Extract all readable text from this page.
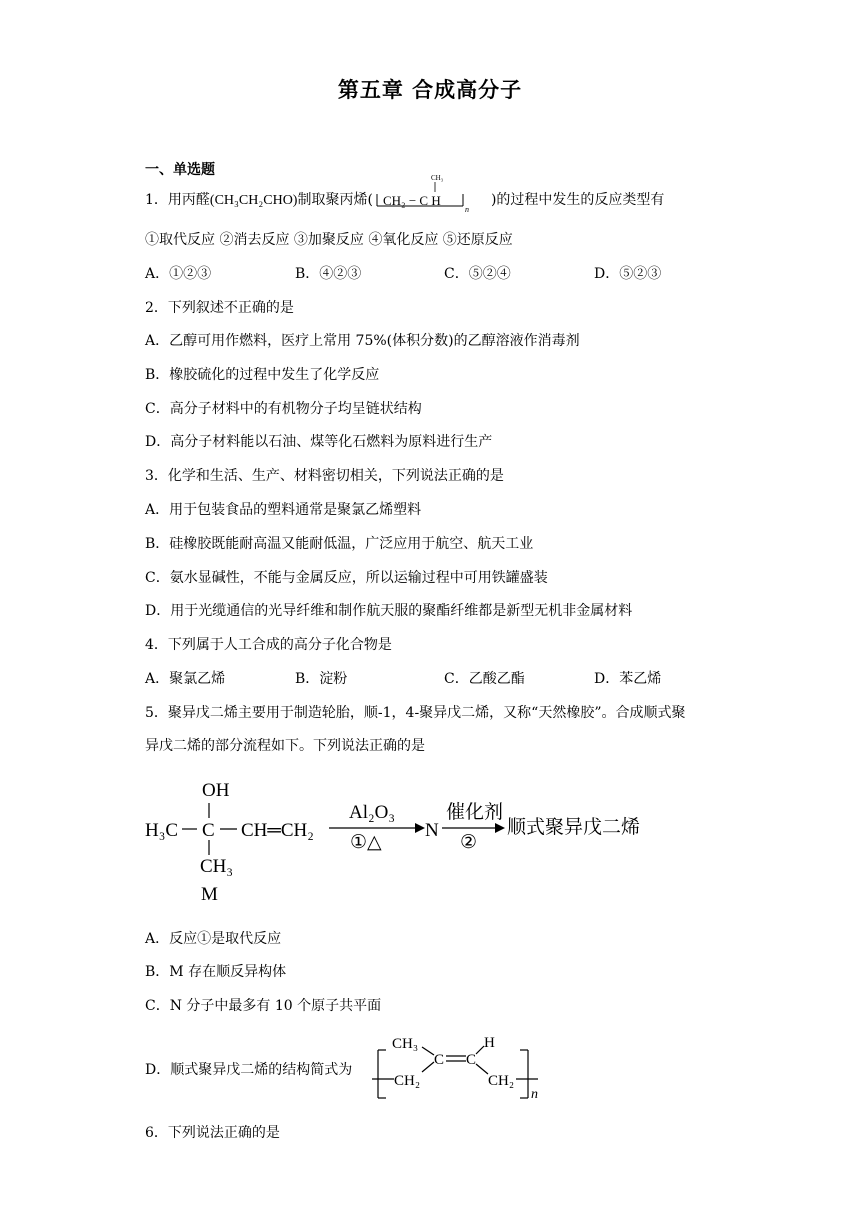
第五章 合成高分子
一、单选题
1．用丙醛(CH₃CH₂CHO)制取聚丙烯(
CH₃
CH₂ − C H
n
)的过程中发生的反应类型有
①取代反应 ②消去反应 ③加聚反应 ④氧化反应 ⑤还原反应
A．①②③	B．④②③	C．⑤②④	D．⑤②③
2．下列叙述不正确的是
A．乙醇可用作燃料，医疗上常用 75%(体积分数)的乙醇溶液作消毒剂
B．橡胶硫化的过程中发生了化学反应
C．高分子材料中的有机物分子均呈链状结构
D．高分子材料能以石油、煤等化石燃料为原料进行生产
3．化学和生活、生产、材料密切相关，下列说法正确的是
A．用于包装食品的塑料通常是聚氯乙烯塑料
B．硅橡胶既能耐高温又能耐低温，广泛应用于航空、航天工业
C．氨水显碱性，不能与金属反应，所以运输过程中可用铁罐盛装
D．用于光缆通信的光导纤维和制作航天服的聚酯纤维都是新型无机非金属材料
4．下列属于人工合成的高分子化合物是
A．聚氯乙烯	B．淀粉	C．乙酸乙酯	D．苯乙烯
5．聚异戊二烯主要用于制造轮胎，顺-1，4-聚异戊二烯，又称“天然橡胶”。合成顺式聚
异戊二烯的部分流程如下。下列说法正确的是
OH
H₃C C CH═CH₂
CH₃
M
Al₂O₃
①△
N
催化剂
②
顺式聚异戊二烯
A．反应①是取代反应
B．M 存在顺反异构体
C．N 分子中最多有 10 个原子共平面
D．顺式聚异戊二烯的结构简式为
CH₂
CH₃
C C
H
CH₂
n
6．下列说法正确的是
